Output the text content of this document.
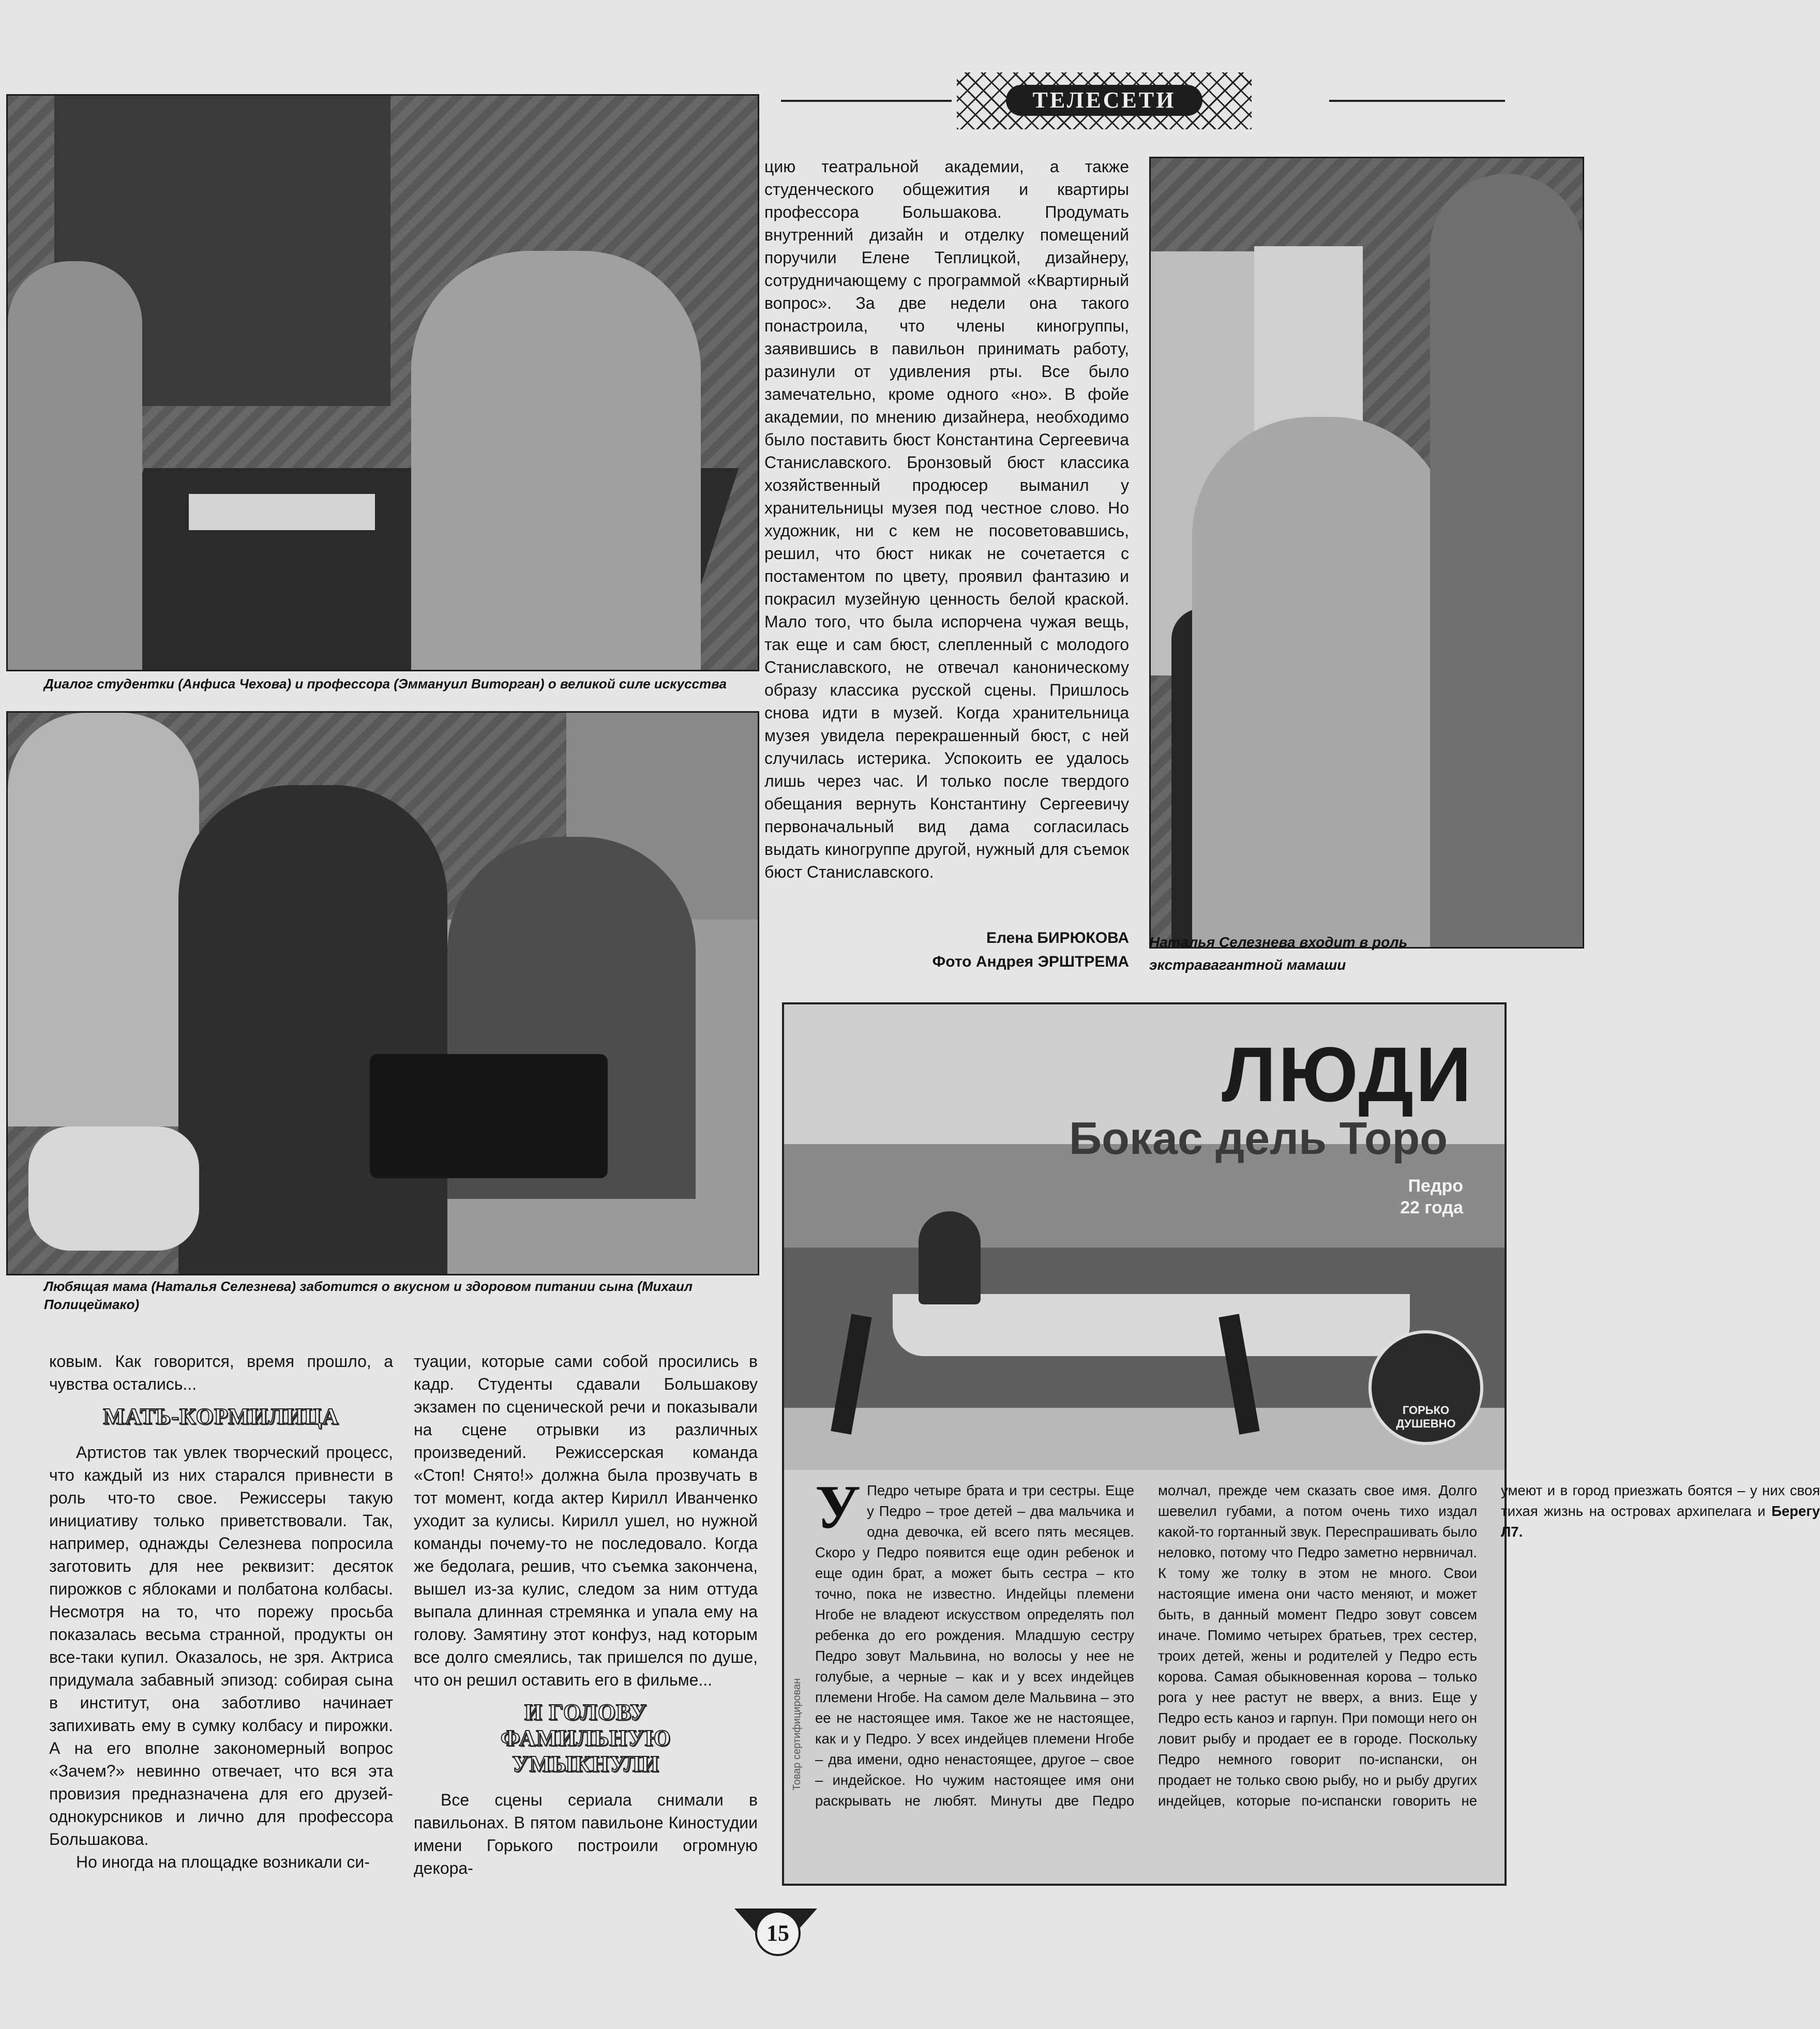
ТЕЛЕСЕТИ
Диалог студентки (Анфиса Чехова) и профессора (Эммануил Виторган) о великой силе искусства
Любящая мама (Наталья Селезнева) заботится о вкусном и здоровом питании сына (Михаил Полицеймако)
Наталья Селезнева входит в роль экстравагантной мамаши

цию театральной академии, а также студенческого общежития и квартиры профессора Большакова. Продумать внутренний дизайн и отделку помещений поручили Елене Теплицкой, дизайнеру, сотрудничающему с программой «Квартирный вопрос». За две недели она такого понастроила, что члены киногруппы, заявившись в павильон принимать работу, разинули от удивления рты. Все было замечательно, кроме одного «но». В фойе академии, по мнению дизайнера, необходимо было поставить бюст Константина Сергеевича Станиславского. Бронзовый бюст классика хозяйственный продюсер выманил у хранительницы музея под честное слово. Но художник, ни с кем не посоветовавшись, решил, что бюст никак не сочетается с постаментом по цвету, проявил фантазию и покрасил музейную ценность белой краской. Мало того, что была испорчена чужая вещь, так еще и сам бюст, слепленный с молодого Станиславского, не отвечал каноническому образу классика русской сцены. Пришлось снова идти в музей. Когда хранительница музея увидела перекрашенный бюст, с ней случилась истерика. Успокоить ее удалось лишь через час. И только после твердого обещания вернуть Константину Сергеевичу первоначальный вид дама согласилась выдать киногруппе другой, нужный для съемок бюст Станиславского.

Елена БИРЮКОВА
Фото Андрея ЭРШТРЕМА

ковым. Как говорится, время прошло, а чувства остались...

МАТЬ-КОРМИЛИЦА

Артистов так увлек творческий процесс, что каждый из них старался привнести в роль что-то свое. Режиссеры такую инициативу только приветствовали. Так, например, однажды Селезнева попросила заготовить для нее реквизит: десяток пирожков с яблоками и полбатона колбасы. Несмотря на то, что порежу просьба показалась весьма странной, продукты он все-таки купил. Оказалось, не зря. Актриса придумала забавный эпизод: собирая сына в институт, она заботливо начинает запихивать ему в сумку колбасу и пирожки. А на его вполне закономерный вопрос «Зачем?» невинно отвечает, что вся эта провизия предназначена для его друзей-однокурсников и лично для профессора Большакова.

Но иногда на площадке возникали си-

туации, которые сами собой просились в кадр. Студенты сдавали Большакову экзамен по сценической речи и показывали на сцене отрывки из различных произведений. Режиссерская команда «Стоп! Снято!» должна была прозвучать в тот момент, когда актер Кирилл Иванченко уходит за кулисы. Кирилл ушел, но нужной команды почему-то не последовало. Когда же бедолага, решив, что съемка закончена, вышел из-за кулис, следом за ним оттуда выпала длинная стремянка и упала ему на голову. Замятину этот конфуз, над которым все долго смеялись, так пришелся по душе, что он решил оставить его в фильме...

И ГОЛОВУ ФАМИЛЬНУЮ УМЫКНУЛИ

Все сцены сериала снимали в павильонах. В пятом павильоне Киностудии имени Горького построили огромную декора-

ЛЮДИ
Бокас дель Торо
Педро
22 года
ГОРЬКО ДУШЕВНО
Товар сертифицирован
У Педро четыре брата и три сестры. Еще у Педро – трое детей – два мальчика и одна девочка, ей всего пять месяцев. Скоро у Педро появится еще один ребенок и еще один брат, а может быть сестра – кто точно, пока не известно. Индейцы племени Нгобе не владеют искусством определять пол ребенка до его рождения. Младшую сестру Педро зовут Мальвина, но волосы у нее не голубые, а черные – как и у всех индейцев племени Нгобе. На самом деле Мальвина – это ее не настоящее имя. Такое же не настоящее, как и у Педро. У всех индейцев племени Нгобе – два имени, одно ненастоящее, другое – свое – индейское. Но чужим настоящее имя они раскрывать не любят. Минуты две Педро молчал, прежде чем сказать свое имя. Долго шевелил губами, а потом очень тихо издал какой-то гортанный звук. Переспрашивать было неловко, потому что Педро заметно нервничал. К тому же толку в этом не много. Свои настоящие имена они часто меняют, и может быть, в данный момент Педро зовут совсем иначе. Помимо четырех братьев, трех сестер, троих детей, жены и родителей у Педро есть корова. Самая обыкновенная корова – только рога у нее растут не вверх, а вниз. Еще у Педро есть каноэ и гарпун. При помощи него он ловит рыбу и продает ее в городе. Поскольку Педро немного говорит по-испански, он продает не только свою рыбу, но и рыбу других индейцев, которые по-испански говорить не умеют и в город приезжать боятся – у них своя тихая жизнь на островах архипелага и Берегу Л7.
15
